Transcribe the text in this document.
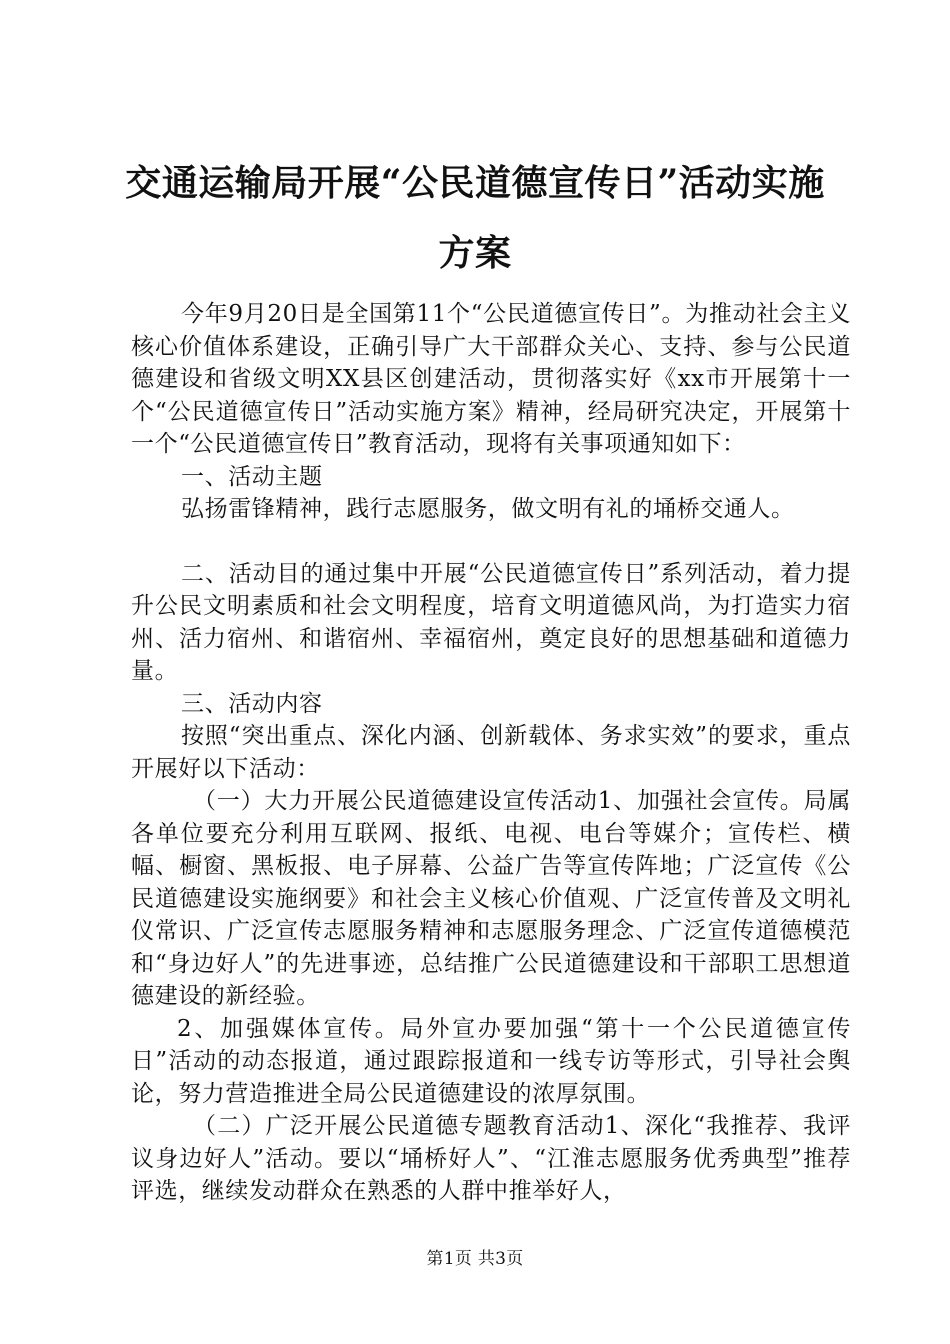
交通运输局开展“公民道德宣传日”活动实施
方案

今年9月20日是全国第11个“公民道德宣传日”。为推动社会主义核心价值体系建设，正确引导广大干部群众关心、支持、参与公民道德建设和省级文明XX县区创建活动，贯彻落实好《xx市开展第十一个“公民道德宣传日”活动实施方案》精神，经局研究决定，开展第十一个“公民道德宣传日”教育活动，现将有关事项通知如下：

一、活动主题

弘扬雷锋精神，践行志愿服务，做文明有礼的埇桥交通人。

二、活动目的通过集中开展“公民道德宣传日”系列活动，着力提升公民文明素质和社会文明程度，培育文明道德风尚，为打造实力宿州、活力宿州、和谐宿州、幸福宿州，奠定良好的思想基础和道德力量。

三、活动内容

按照“突出重点、深化内涵、创新载体、务求实效”的要求，重点开展好以下活动：

（一）大力开展公民道德建设宣传活动1、加强社会宣传。局属各单位要充分利用互联网、报纸、电视、电台等媒介；宣传栏、横幅、橱窗、黑板报、电子屏幕、公益广告等宣传阵地；广泛宣传《公民道德建设实施纲要》和社会主义核心价值观、广泛宣传普及文明礼仪常识、广泛宣传志愿服务精神和志愿服务理念、广泛宣传道德模范和“身边好人”的先进事迹，总结推广公民道德建设和干部职工思想道德建设的新经验。

2、加强媒体宣传。局外宣办要加强“第十一个公民道德宣传日”活动的动态报道，通过跟踪报道和一线专访等形式，引导社会舆论，努力营造推进全局公民道德建设的浓厚氛围。

（二）广泛开展公民道德专题教育活动1、深化“我推荐、我评议身边好人”活动。要以“埇桥好人”、“江淮志愿服务优秀典型”推荐评选，继续发动群众在熟悉的人群中推举好人，

第1页 共3页
